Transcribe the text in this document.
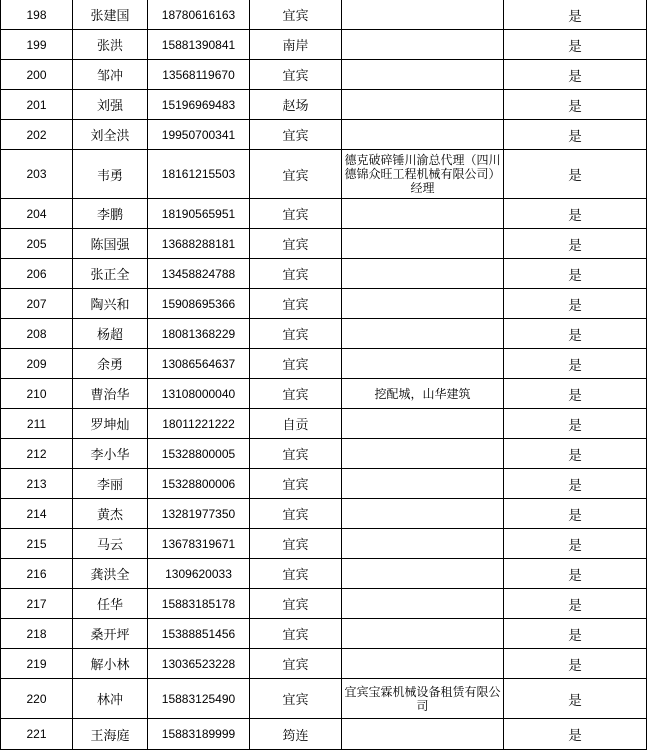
198	张建国	18780616163	宜宾		是
199	张洪	15881390841	南岸		是
200	邹冲	13568119670	宜宾		是
201	刘强	15196969483	赵场		是
202	刘全洪	19950700341	宜宾		是
203	韦勇	18161215503	宜宾	德克破碎锤川渝总代理（四川德锦众旺工程机械有限公司）经理	是
204	李鹏	18190565951	宜宾		是
205	陈国强	13688288181	宜宾		是
206	张正全	13458824788	宜宾		是
207	陶兴和	15908695366	宜宾		是
208	杨超	18081368229	宜宾		是
209	余勇	13086564637	宜宾		是
210	曹治华	13108000040	宜宾	挖配城，山华建筑	是
211	罗坤灿	18011221222	自贡		是
212	李小华	15328800005	宜宾		是
213	李丽	15328800006	宜宾		是
214	黄杰	13281977350	宜宾		是
215	马云	13678319671	宜宾		是
216	龚洪全	1309620033	宜宾		是
217	任华	15883185178	宜宾		是
218	桑开坪	15388851456	宜宾		是
219	解小林	13036523228	宜宾		是
220	林冲	15883125490	宜宾	宜宾宝霖机械设备租赁有限公司	是
221	王海庭	15883189999	筠连		是
